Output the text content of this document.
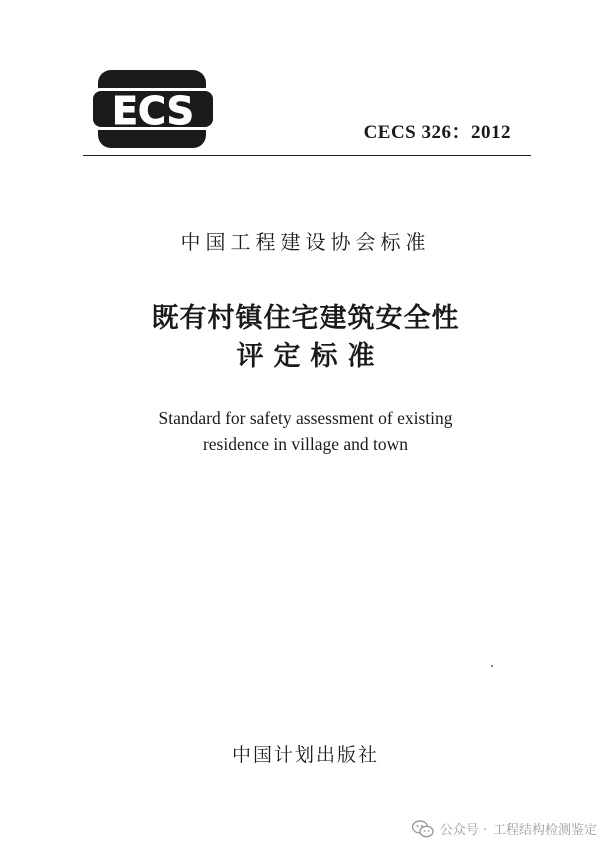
ECS	CECS 326：2012
中国工程建设协会标准
既有村镇住宅建筑安全性
评定标准
Standard for safety assessment of existing
residence in village and town
中国计划出版社
公众号 · 工程结构检测鉴定
